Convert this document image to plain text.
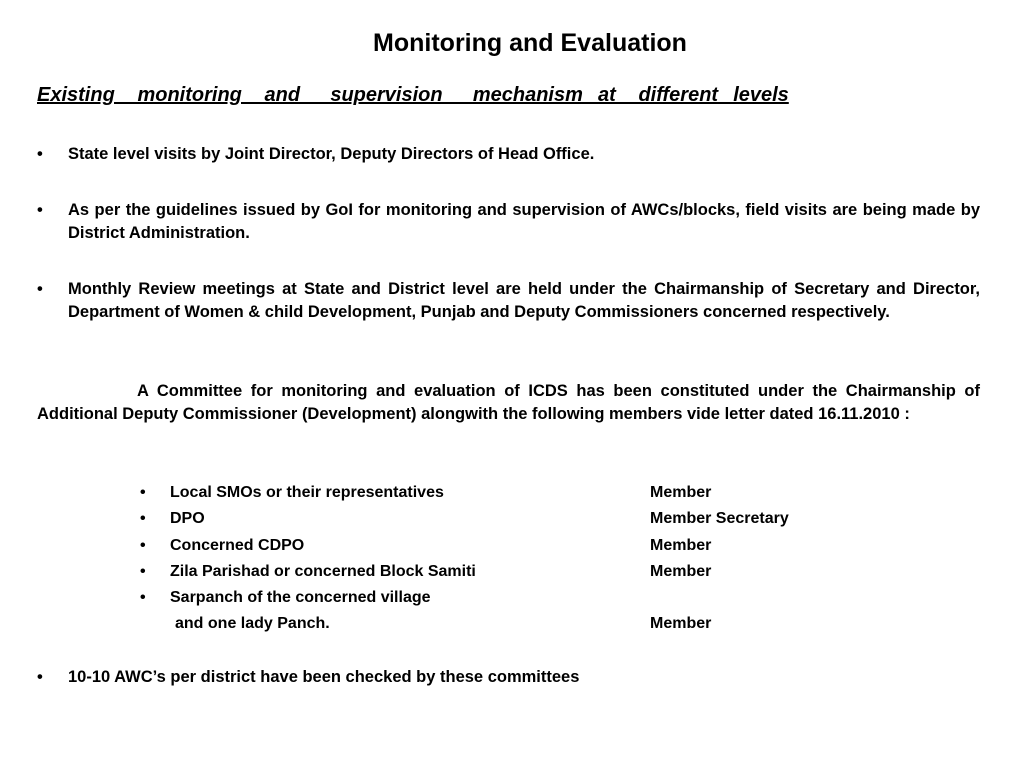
Monitoring and Evaluation
Existing   monitoring   and    supervision    mechanism  at   different  levels
•	State level visits by Joint Director, Deputy Directors of Head Office.
•	As per the guidelines issued by GoI for monitoring and supervision of AWCs/blocks, field visits are being made by District Administration.
•	Monthly Review meetings at State and District level are held under the Chairmanship of Secretary and Director, Department of Women & child Development, Punjab and Deputy Commissioners concerned respectively.
A Committee for monitoring and evaluation of ICDS has been constituted under the Chairmanship of Additional Deputy Commissioner (Development) alongwith the following members vide letter dated 16.11.2010 :
• Local SMOs or their representatives	Member
• DPO	Member Secretary
• Concerned CDPO	Member
• Zila Parishad or concerned Block Samiti	Member
• Sarpanch of the concerned village
and one lady Panch.	Member
•	10-10 AWC’s per district have been checked by these committees
